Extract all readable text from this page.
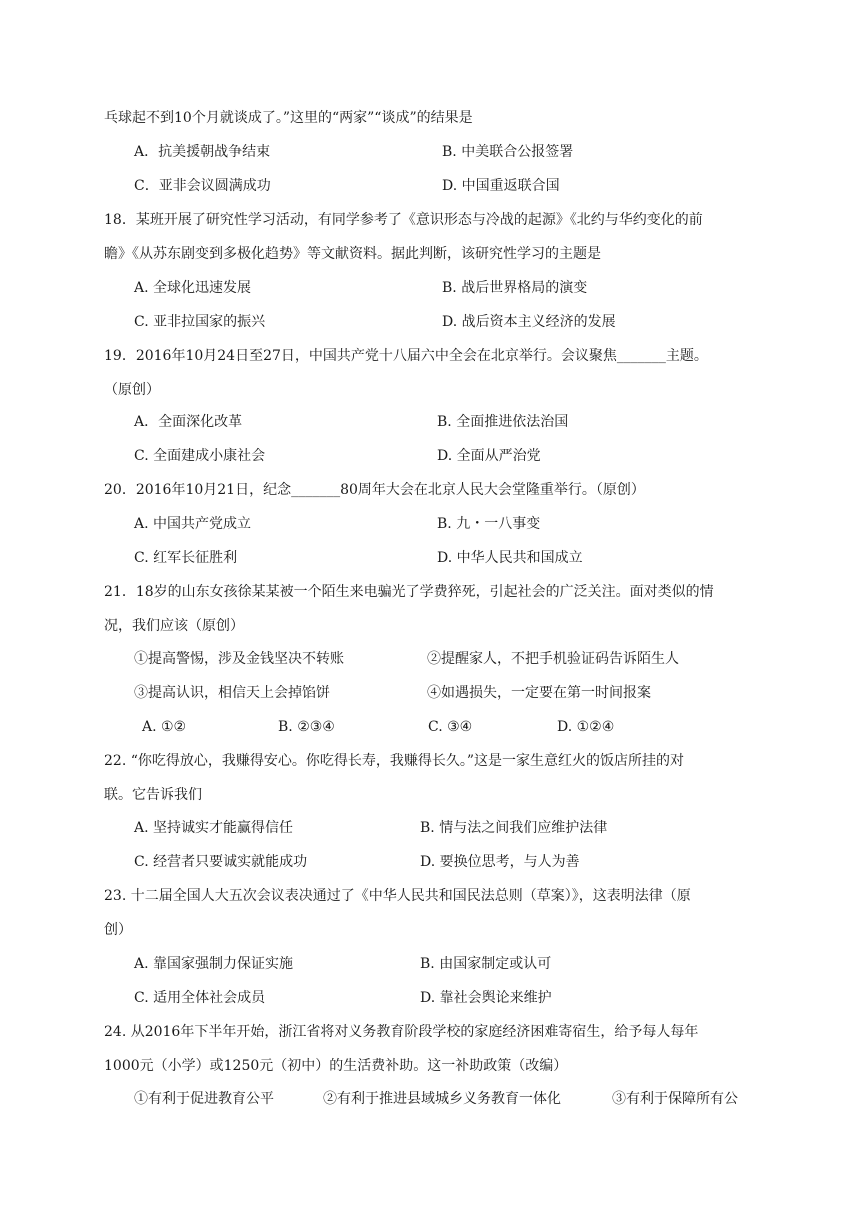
乓球起不到10个月就谈成了。”这里的“两家”“谈成”的结果是
A．抗美援朝战争结束	B. 中美联合公报签署
C．亚非会议圆满成功	D. 中国重返联合国
18．某班开展了研究性学习活动，有同学参考了《意识形态与冷战的起源》《北约与华约变化的前
瞻》《从苏东剧变到多极化趋势》等文献资料。据此判断，该研究性学习的主题是
A. 全球化迅速发展	B. 战后世界格局的演变
C. 亚非拉国家的振兴	D. 战后资本主义经济的发展
19．2016年10月24日至27日，中国共产党十八届六中全会在北京举行。会议聚焦_______主题。
（原创）
A．全面深化改革	B. 全面推进依法治国
C. 全面建成小康社会	D. 全面从严治党
20．2016年10月21日，纪念_______80周年大会在北京人民大会堂隆重举行。（原创）
A. 中国共产党成立	B. 九・一八事变
C. 红军长征胜利	D. 中华人民共和国成立
21．18岁的山东女孩徐某某被一个陌生来电骗光了学费猝死，引起社会的广泛关注。面对类似的情
况，我们应该（原创）
①提高警惕，涉及金钱坚决不转账	②提醒家人，不把手机验证码告诉陌生人
③提高认识，相信天上会掉馅饼	④如遇损失，一定要在第一时间报案
A. ①②	B. ②③④	C. ③④	D. ①②④
22. “你吃得放心，我赚得安心。你吃得长寿，我赚得长久。”这是一家生意红火的饭店所挂的对
联。它告诉我们
A. 坚持诚实才能赢得信任	B. 情与法之间我们应维护法律
C. 经营者只要诚实就能成功	D. 要换位思考，与人为善
23. 十二届全国人大五次会议表决通过了《中华人民共和国民法总则（草案）》，这表明法律（原
创）
A. 靠国家强制力保证实施	B. 由国家制定或认可
C. 适用全体社会成员	D. 靠社会舆论来维护
24. 从2016年下半年开始，浙江省将对义务教育阶段学校的家庭经济困难寄宿生，给予每人每年
1000元（小学）或1250元（初中）的生活费补助。这一补助政策（改编）
①有利于促进教育公平	②有利于推进县域城乡义务教育一体化	③有利于保障所有公
